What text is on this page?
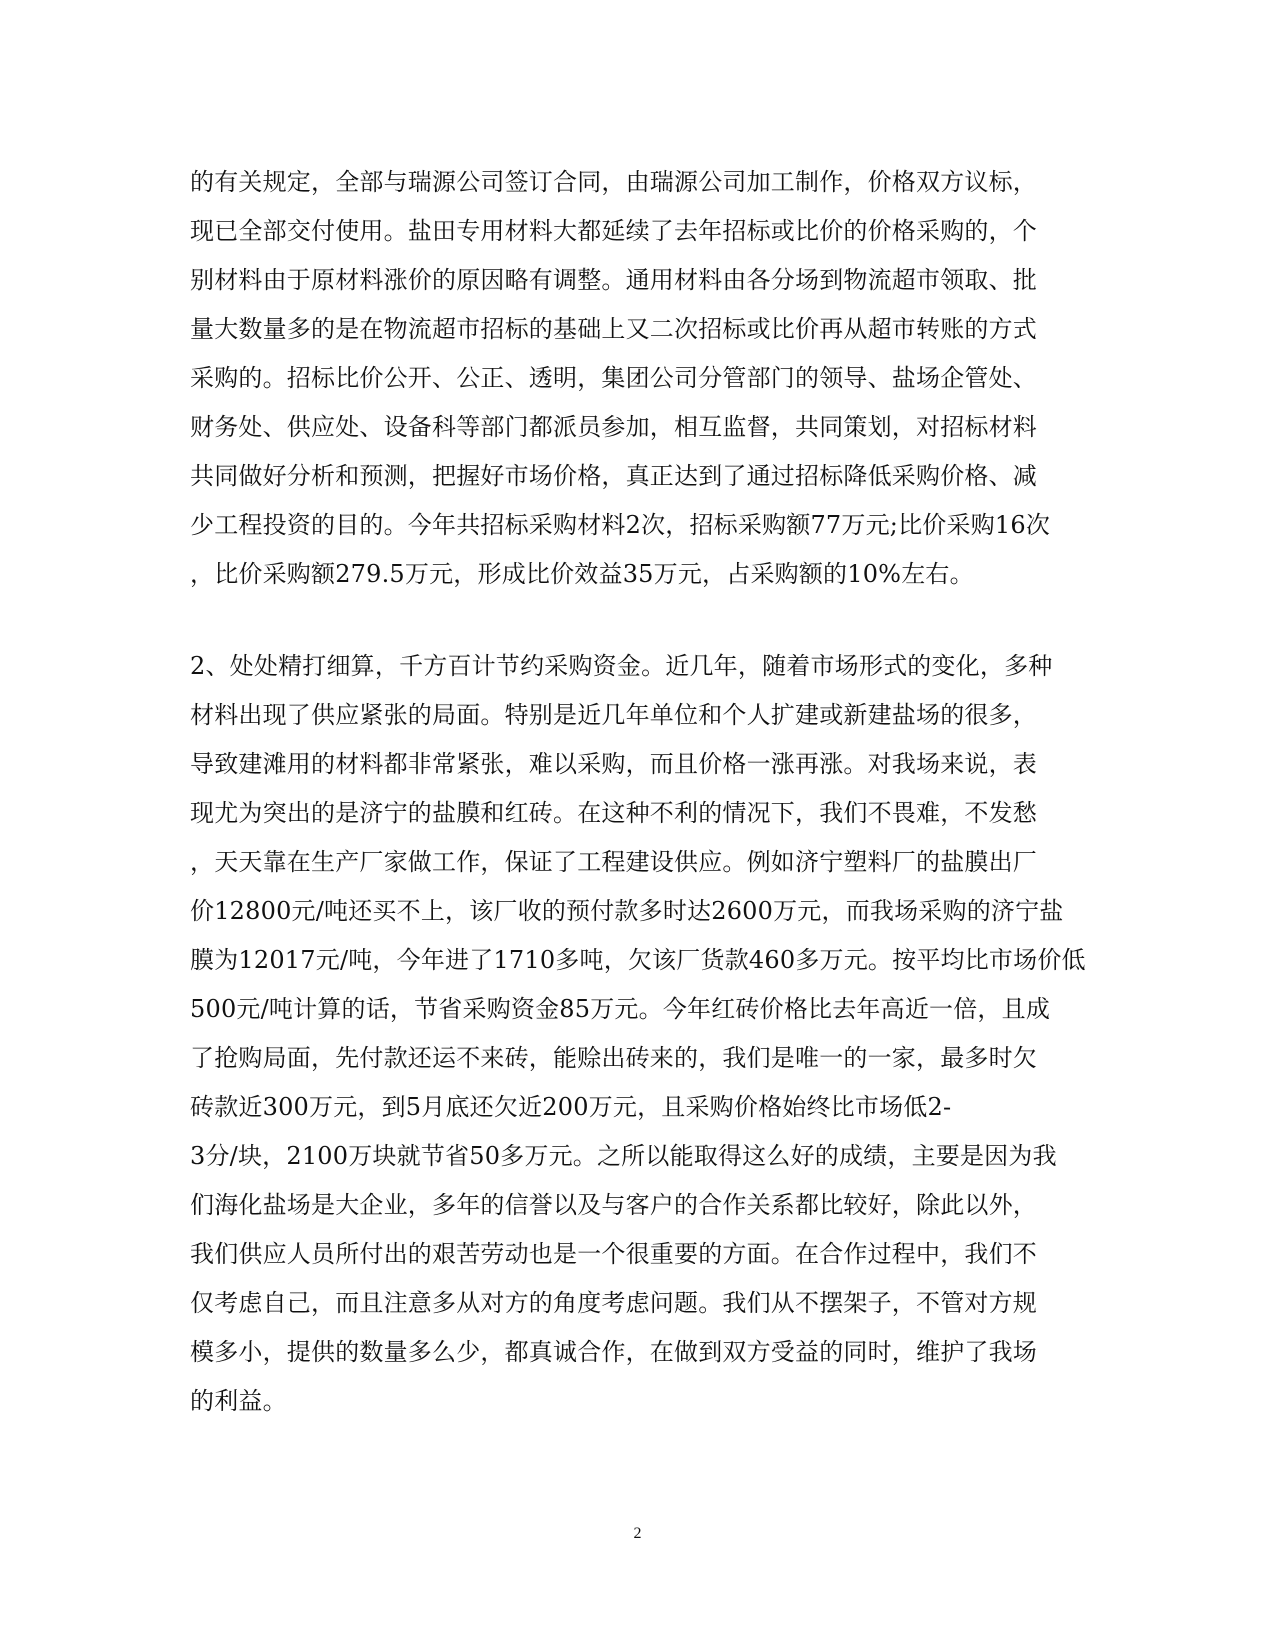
的有关规定，全部与瑞源公司签订合同，由瑞源公司加工制作，价格双方议标，
现已全部交付使用。盐田专用材料大都延续了去年招标或比价的价格采购的，个
别材料由于原材料涨价的原因略有调整。通用材料由各分场到物流超市领取、批
量大数量多的是在物流超市招标的基础上又二次招标或比价再从超市转账的方式
采购的。招标比价公开、公正、透明，集团公司分管部门的领导、盐场企管处、
财务处、供应处、设备科等部门都派员参加，相互监督，共同策划，对招标材料
共同做好分析和预测，把握好市场价格，真正达到了通过招标降低采购价格、减
少工程投资的目的。今年共招标采购材料2次，招标采购额77万元;比价采购16次
，比价采购额279.5万元，形成比价效益35万元，占采购额的10%左右。
2、处处精打细算，千方百计节约采购资金。近几年，随着市场形式的变化，多种
材料出现了供应紧张的局面。特别是近几年单位和个人扩建或新建盐场的很多，
导致建滩用的材料都非常紧张，难以采购，而且价格一涨再涨。对我场来说，表
现尤为突出的是济宁的盐膜和红砖。在这种不利的情况下，我们不畏难，不发愁
，天天靠在生产厂家做工作，保证了工程建设供应。例如济宁塑料厂的盐膜出厂
价12800元/吨还买不上，该厂收的预付款多时达2600万元，而我场采购的济宁盐
膜为12017元/吨，今年进了1710多吨，欠该厂货款460多万元。按平均比市场价低
500元/吨计算的话，节省采购资金85万元。今年红砖价格比去年高近一倍，且成
了抢购局面，先付款还运不来砖，能赊出砖来的，我们是唯一的一家，最多时欠
砖款近300万元，到5月底还欠近200万元，且采购价格始终比市场低2-
3分/块，2100万块就节省50多万元。之所以能取得这么好的成绩，主要是因为我
们海化盐场是大企业，多年的信誉以及与客户的合作关系都比较好，除此以外，
我们供应人员所付出的艰苦劳动也是一个很重要的方面。在合作过程中，我们不
仅考虑自己，而且注意多从对方的角度考虑问题。我们从不摆架子，不管对方规
模多小，提供的数量多么少，都真诚合作，在做到双方受益的同时，维护了我场
的利益。
2
